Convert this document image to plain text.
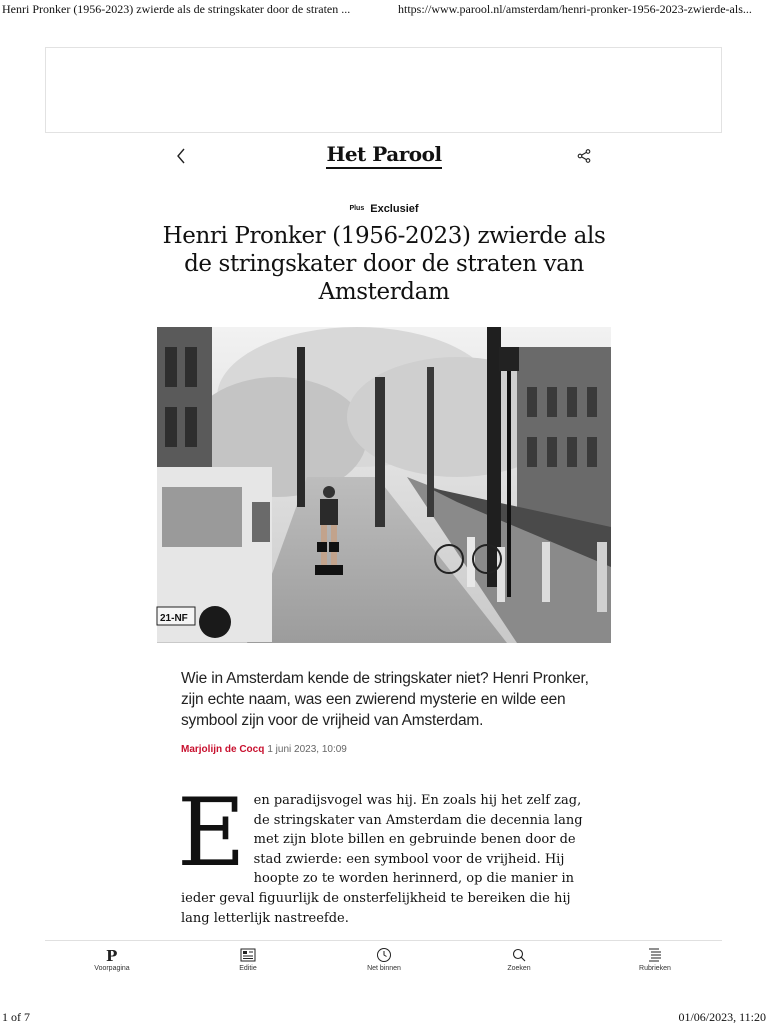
Henri Pronker (1956-2023) zwierde als de stringskater door de straten ...	https://www.parool.nl/amsterdam/henri-pronker-1956-2023-zwierde-als...
Het Parool
Plus Exclusief
Henri Pronker (1956-2023) zwierde als de stringskater door de straten van Amsterdam
21-NF

Wie in Amsterdam kende de stringskater niet? Henri Pronker, zijn echte naam, was een zwierend mysterie en wilde een symbool zijn voor de vrijheid van Amsterdam.

Marjolijn de Cocq 1 juni 2023, 10:09

Een paradijsvogel was hij. En zoals hij het zelf zag, de stringskater van Amsterdam die decennia lang met zijn blote billen en gebruinde benen door de stad zwierde: een symbool voor de vrijheid. Hij hoopte zo te worden herinnerd, op die manier in ieder geval figuurlijk de onsterfelijkheid te bereiken die hij lang letterlijk nastreefde.

P
Voorpagina	Editie	Net binnen	Zoeken	Rubrieken
1 of 7	01/06/2023, 11:20
